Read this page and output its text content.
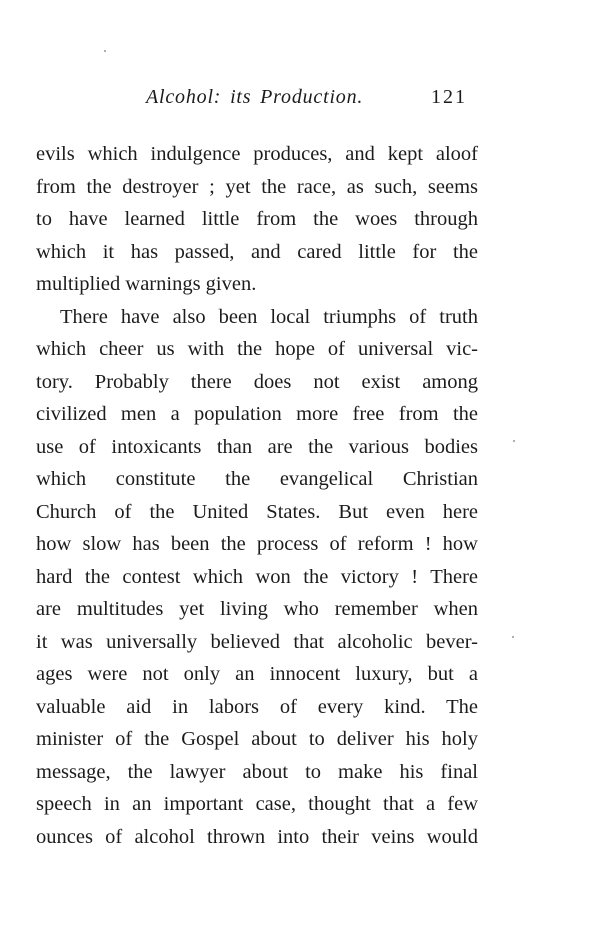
Alcohol: its Production.	121
evils which indulgence produces, and kept aloof
from the destroyer ; yet the race, as such, seems
to have learned little from the woes through
which it has passed, and cared little for the
multiplied warnings given.
There have also been local triumphs of truth
which cheer us with the hope of universal vic-
tory. Probably there does not exist among
civilized men a population more free from the
use of intoxicants than are the various bodies
which constitute the evangelical Christian
Church of the United States. But even here
how slow has been the process of reform ! how
hard the contest which won the victory ! There
are multitudes yet living who remember when
it was universally believed that alcoholic bever-
ages were not only an innocent luxury, but a
valuable aid in labors of every kind. The
minister of the Gospel about to deliver his holy
message, the lawyer about to make his final
speech in an important case, thought that a few
ounces of alcohol thrown into their veins would
